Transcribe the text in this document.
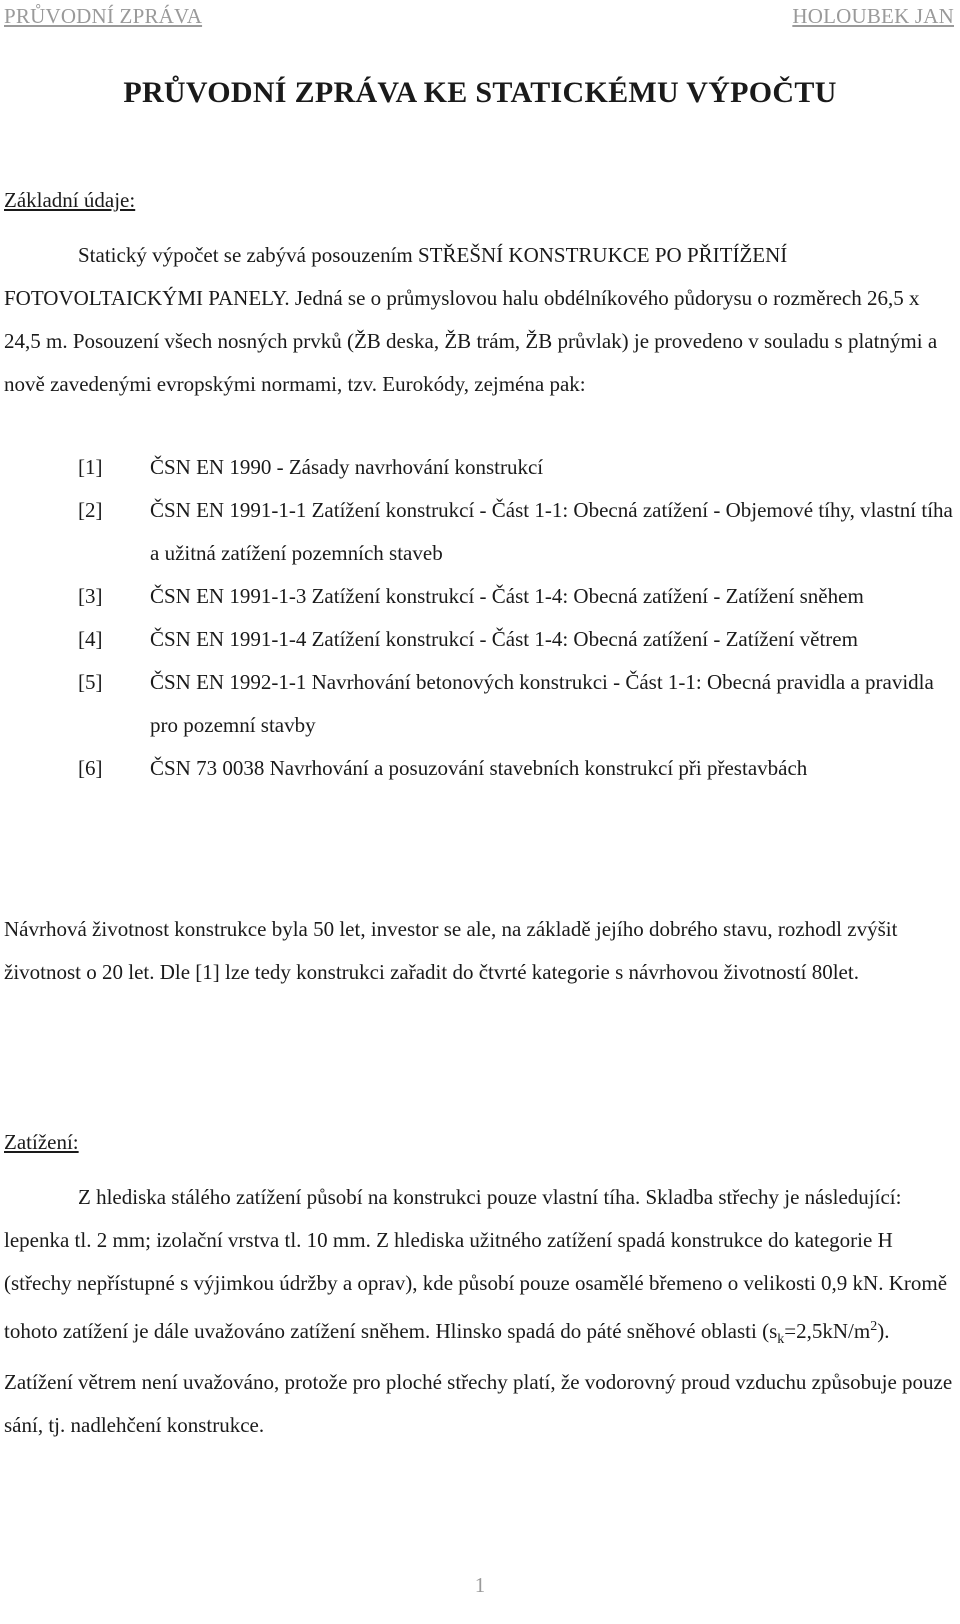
PRŮVODNÍ ZPRÁVA	HOLOUBEK JAN
PRŮVODNÍ ZPRÁVA KE STATICKÉMU VÝPOČTU
Základní údaje:

Statický výpočet se zabývá posouzením STŘEŠNÍ KONSTRUKCE PO PŘITÍŽENÍ FOTOVOLTAICKÝMI PANELY. Jedná se o průmyslovou halu obdélníkového půdorysu o rozměrech 26,5 x 24,5 m. Posouzení všech nosných prvků (ŽB deska, ŽB trám, ŽB průvlak) je provedeno v souladu s platnými a nově zavedenými evropskými normami, tzv. Eurokódy, zejména pak:

[1]	ČSN EN 1990 - Zásady navrhování konstrukcí
[2]	ČSN EN 1991-1-1 Zatížení konstrukcí - Část 1-1: Obecná zatížení - Objemové tíhy, vlastní tíha a užitná zatížení pozemních staveb
[3]	ČSN EN 1991-1-3 Zatížení konstrukcí - Část 1-4: Obecná zatížení - Zatížení sněhem
[4]	ČSN EN 1991-1-4 Zatížení konstrukcí - Část 1-4: Obecná zatížení - Zatížení větrem
[5]	ČSN EN 1992-1-1 Navrhování betonových konstrukci - Část 1-1: Obecná pravidla a pravidla pro pozemní stavby
[6]	ČSN 73 0038 Navrhování a posuzování stavebních konstrukcí při přestavbách

Návrhová životnost konstrukce byla 50 let, investor se ale, na základě jejího dobrého stavu, rozhodl zvýšit životnost o 20 let. Dle [1] lze tedy konstrukci zařadit do čtvrté kategorie s návrhovou životností 80let.

Zatížení:

Z hlediska stálého zatížení působí na konstrukci pouze vlastní tíha. Skladba střechy je následující: lepenka tl. 2 mm; izolační vrstva tl. 10 mm. Z hlediska užitného zatížení spadá konstrukce do kategorie H (střechy nepřístupné s výjimkou údržby a oprav), kde působí pouze osamělé břemeno o velikosti 0,9 kN. Kromě tohoto zatížení je dále uvažováno zatížení sněhem. Hlinsko spadá do páté sněhové oblasti $(s_k=2,5kN/m^2)$. Zatížení větrem není uvažováno, protože pro ploché střechy platí, že vodorovný proud vzduchu způsobuje pouze sání, tj. nadlehčení konstrukce.

1
